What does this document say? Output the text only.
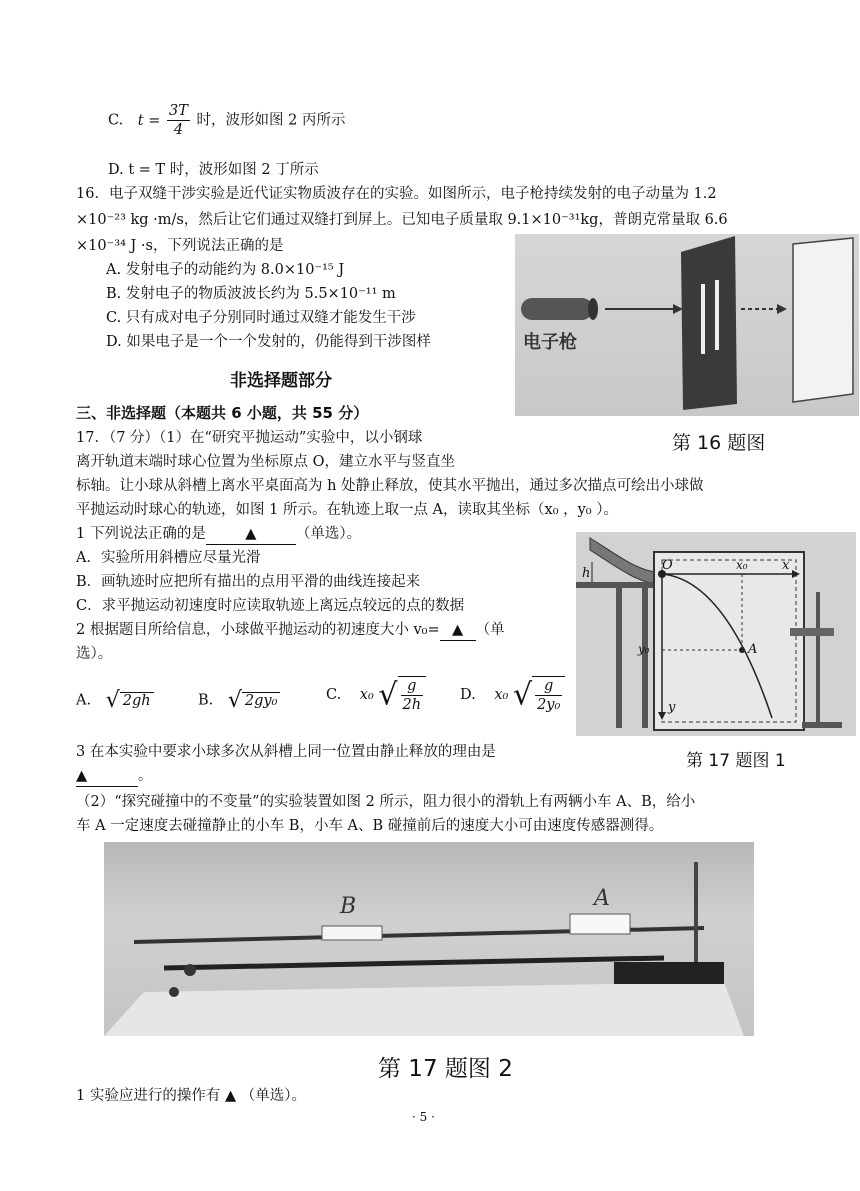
C. $t = \frac{3T}{4}$ 时，波形如图 2 丙所示
D. t = T 时，波形如图 2 丁所示
16．电子双缝干涉实验是近代证实物质波存在的实验。如图所示，电子枪持续发射的电子动量为 1.2
×10⁻²³ kg ·m/s，然后让它们通过双缝打到屏上。已知电子质量取 9.1×10⁻³¹kg，普朗克常量取 6.6
×10⁻³⁴ J ·s，下列说法正确的是
A. 发射电子的动能约为 8.0×10⁻¹⁵ J
B. 发射电子的物质波波长约为 5.5×10⁻¹¹ m
C. 只有成对电子分别同时通过双缝才能发生干涉
D. 如果电子是一个一个发射的，仍能得到干涉图样	电子枪
第 16 题图
非选择题部分
三、非选择题（本题共 6 小题，共 55 分）
17．（7 分）（1）在“研究平抛运动”实验中，以小钢球
离开轨道末端时球心位置为坐标原点 O，建立水平与竖直坐
标轴。让小球从斜槽上离水平桌面高为 h 处静止释放，使其水平抛出，通过多次描点可绘出小球做
平抛运动时球心的轨迹，如图 1 所示。在轨迹上取一点 A，读取其坐标（x₀ ，y₀ ）。
1 下列说法正确的是	▲	（单选）。
A．实验所用斜槽应尽量光滑
B．画轨迹时应把所有描出的点用平滑的曲线连接起来
C．求平抛运动初速度时应读取轨迹上离远点较远的点的数据
2 根据题目所给信息，小球做平抛运动的初速度大小 v₀= ▲ （单
选）。
A. √ 2gh	B. √ 2gy₀	C. x₀ √ $\frac{g}{2h}$	D. x₀ √ $\frac{g}{\text{2y₀}}$
3 在本实验中要求小球多次从斜槽上同一位置由静止释放的理由是
▲	。
O	x₀	x
h
y₀	A
y
第 17 题图 1
（2）“探究碰撞中的不变量”的实验装置如图 2 所示，阻力很小的滑轨上有两辆小车 A、B，给小
车 A 一定速度去碰撞静止的小车 B，小车 A、B 碰撞前后的速度大小可由速度传感器测得。
B	A
第 17 题图 2
1 实验应进行的操作有 ▲ （单选）。
· 5 ·
